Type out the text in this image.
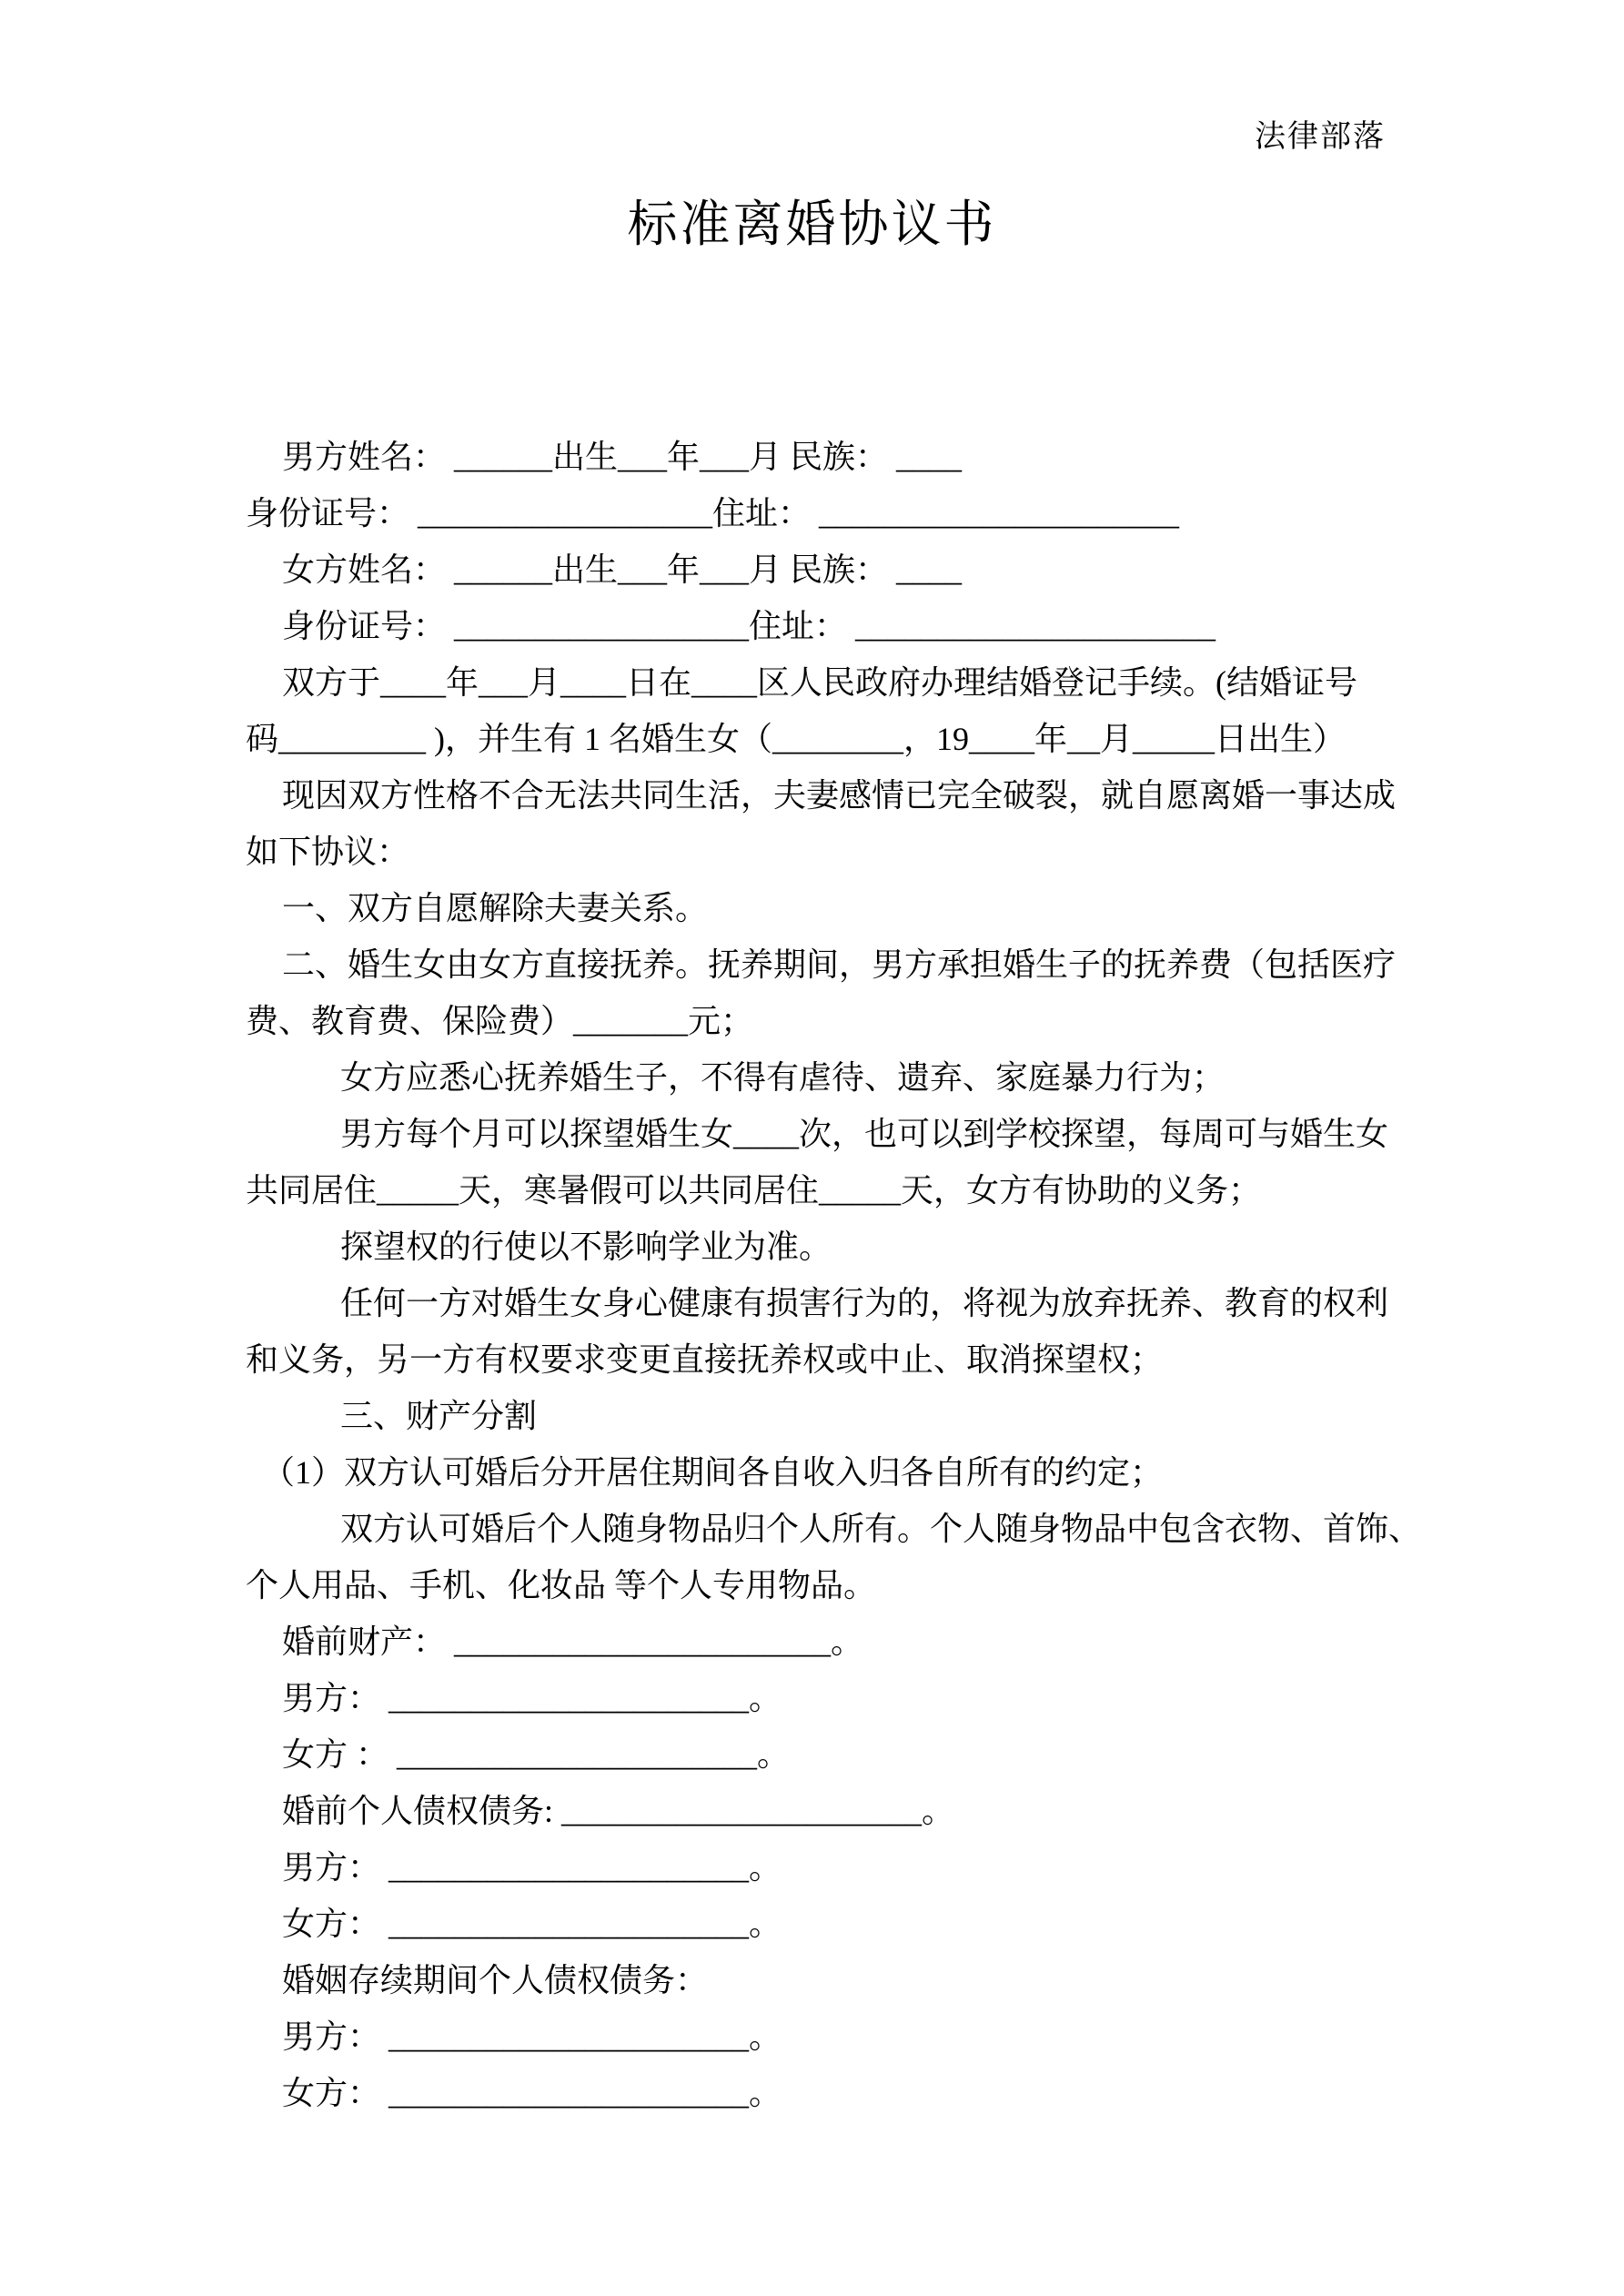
法律部落
标准离婚协议书
男方姓名： ______出生___年___月 民族： ____
身份证号： __________________住址： ______________________
女方姓名： ______出生___年___月 民族： ____
身份证号： __________________住址： ______________________
双方于____年___月____日在____区人民政府办理结婚登记手续。(结婚证号
码_________ )，并生有 1 名婚生女（________，19____年__月_____日出生）
现因双方性格不合无法共同生活，夫妻感情已完全破裂，就自愿离婚一事达成
如下协议：
一、双方自愿解除夫妻关系。
二、婚生女由女方直接抚养。抚养期间，男方承担婚生子的抚养费（包括医疗
费、教育费、保险费）_______元；
女方应悉心抚养婚生子，不得有虐待、遗弃、家庭暴力行为；
男方每个月可以探望婚生女____次，也可以到学校探望，每周可与婚生女
共同居住_____天，寒暑假可以共同居住_____天，女方有协助的义务；
探望权的行使以不影响学业为准。
任何一方对婚生女身心健康有损害行为的，将视为放弃抚养、教育的权利
和义务，另一方有权要求变更直接抚养权或中止、取消探望权；
三、财产分割
（1）双方认可婚后分开居住期间各自收入归各自所有的约定；
双方认可婚后个人随身物品归个人所有。个人随身物品中包含衣物、首饰、
个人用品、手机、化妆品 等个人专用物品。
婚前财产： _______________________。
男方： ______________________。
女方 ： ______________________。
婚前个人债权债务: ______________________。
男方： ______________________。
女方： ______________________。
婚姻存续期间个人债权债务：
男方： ______________________。
女方： ______________________。
